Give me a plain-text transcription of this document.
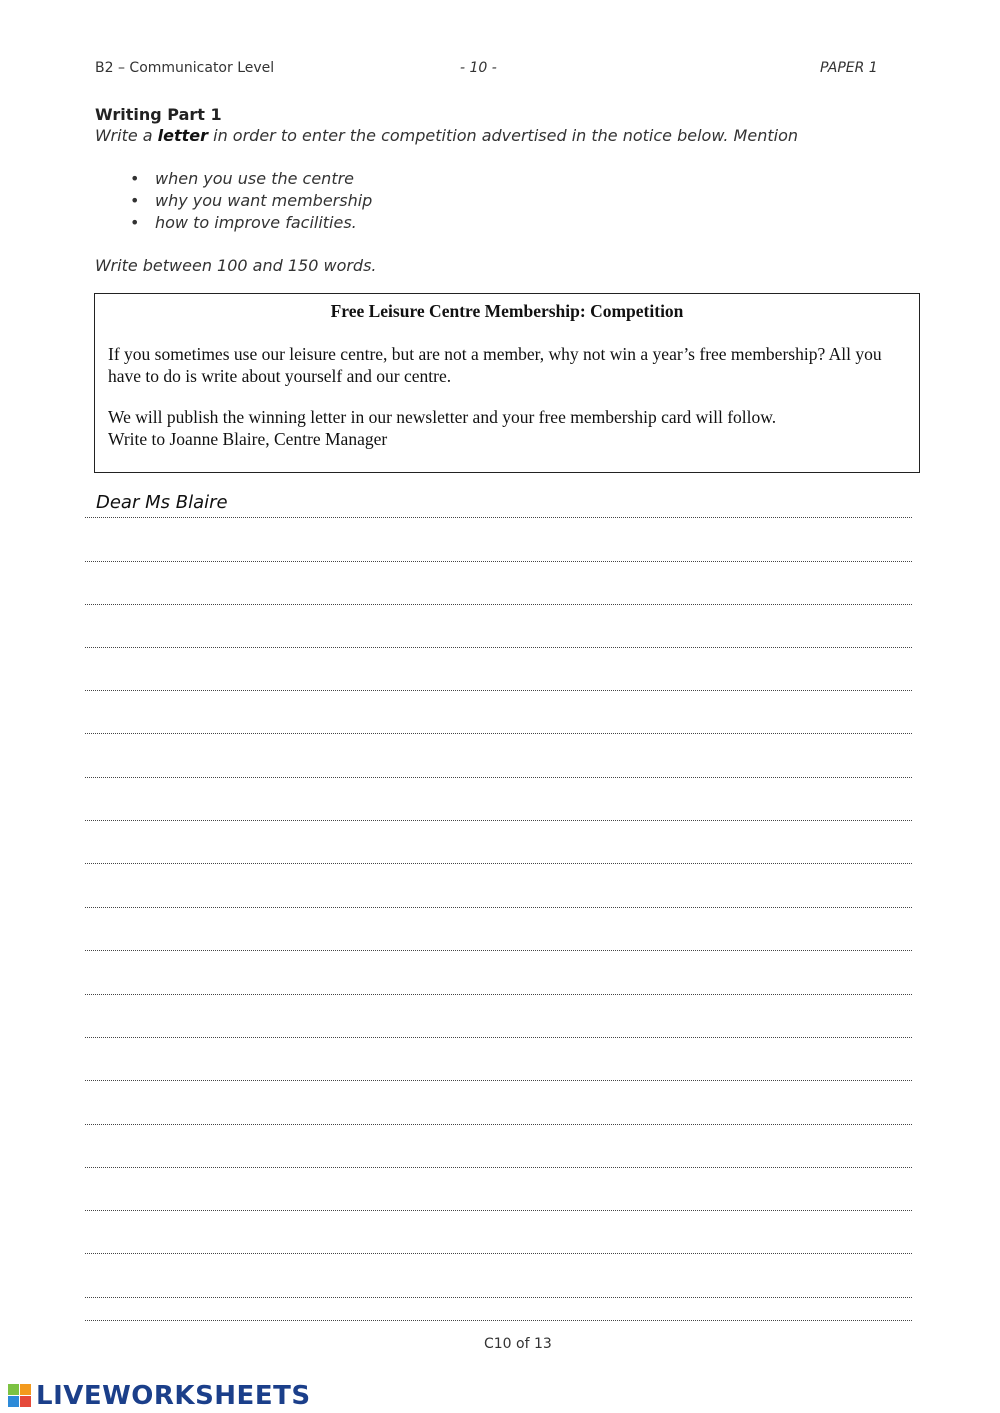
B2 – Communicator Level	- 10 -	PAPER 1
Writing Part 1
Write a letter in order to enter the competition advertised in the notice below. Mention
• when you use the centre
• why you want membership
• how to improve facilities.
Write between 100 and 150 words.
Free Leisure Centre Membership: Competition
If you sometimes use our leisure centre, but are not a member, why not win a year’s free membership? All you have to do is write about yourself and our centre.
We will publish the winning letter in our newsletter and your free membership card will follow.
Write to Joanne Blaire, Centre Manager
Dear Ms Blaire
C10 of 13
LIVEWORKSHEETS
